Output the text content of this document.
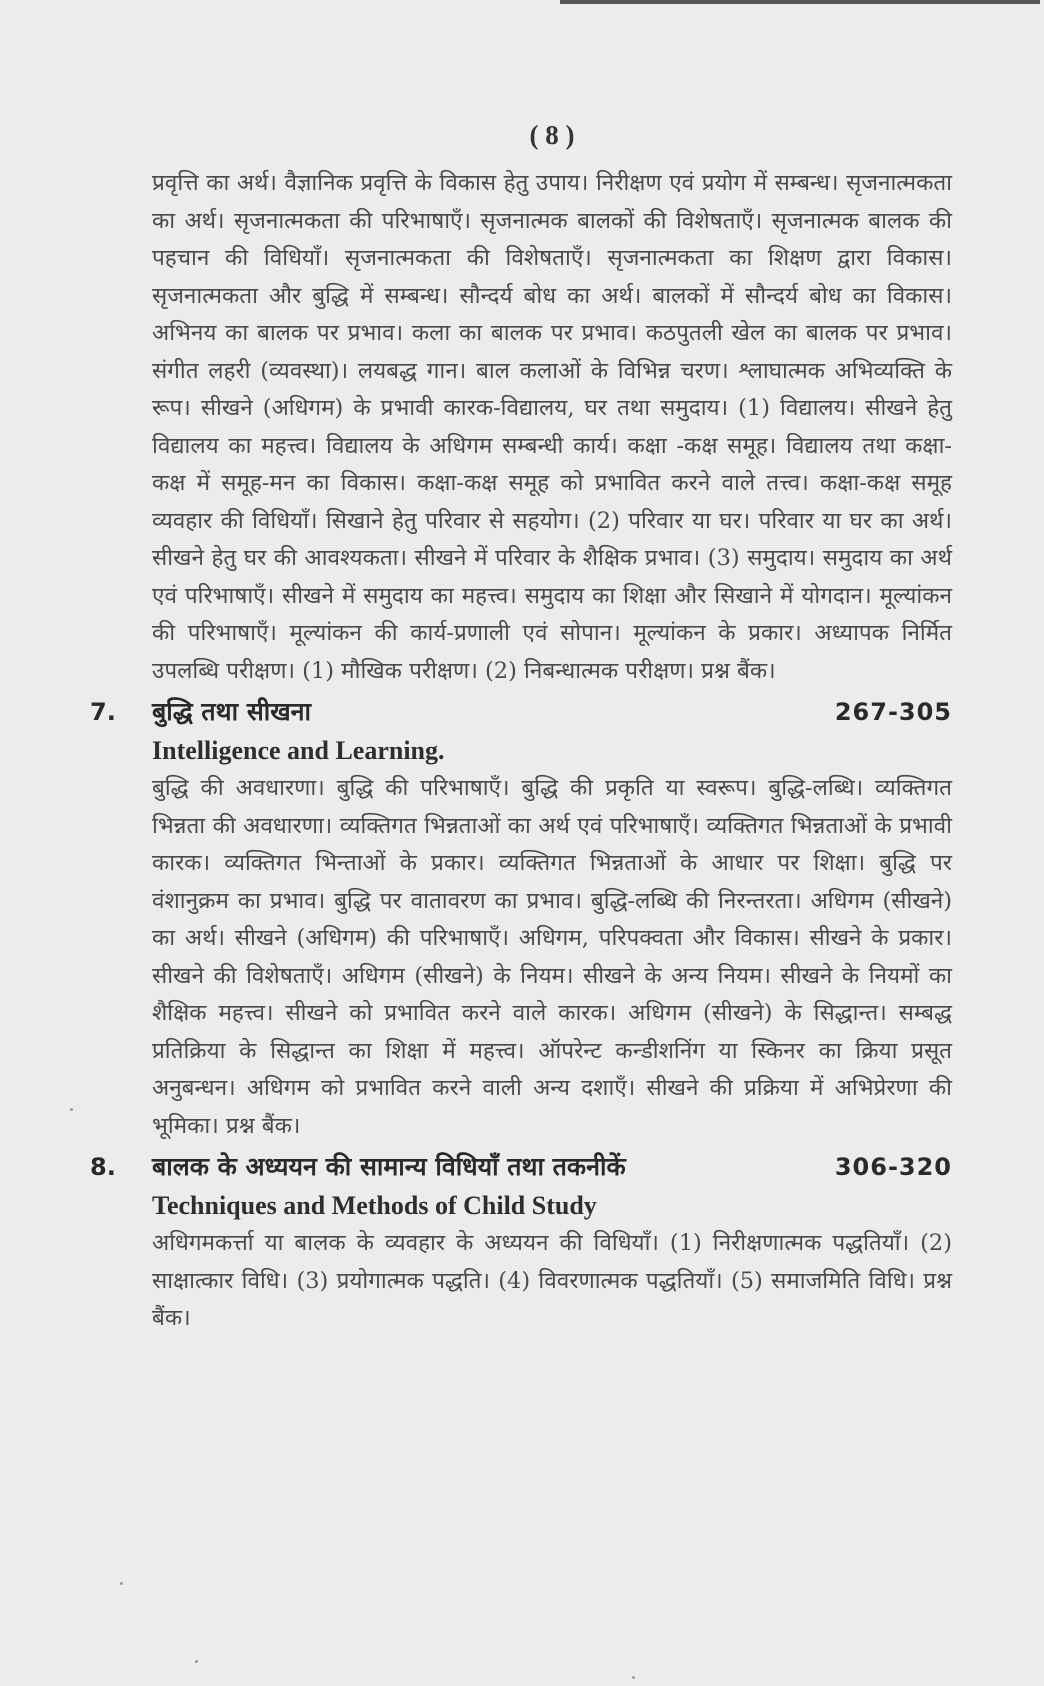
( 8 )

प्रवृत्ति का अर्थ। वैज्ञानिक प्रवृत्ति के विकास हेतु उपाय। निरीक्षण एवं प्रयोग में सम्बन्ध। सृजनात्मकता का अर्थ। सृजनात्मकता की परिभाषाएँ। सृजनात्मक बालकों की विशेषताएँ। सृजनात्मक बालक की पहचान की विधियाँ। सृजनात्मकता की विशेषताएँ। सृजनात्मकता का शिक्षण द्वारा विकास। सृजनात्मकता और बुद्धि में सम्बन्ध। सौन्दर्य बोध का अर्थ। बालकों में सौन्दर्य बोध का विकास। अभिनय का बालक पर प्रभाव। कला का बालक पर प्रभाव। कठपुतली खेल का बालक पर प्रभाव। संगीत लहरी (व्यवस्था)। लयबद्ध गान। बाल कलाओं के विभिन्न चरण। श्लाघात्मक अभिव्यक्ति के रूप। सीखने (अधिगम) के प्रभावी कारक-विद्यालय, घर तथा समुदाय। (1) विद्यालय। सीखने हेतु विद्यालय का महत्त्व। विद्यालय के अधिगम सम्बन्धी कार्य। कक्षा -कक्ष समूह। विद्यालय तथा कक्षा-कक्ष में समूह-मन का विकास। कक्षा-कक्ष समूह को प्रभावित करने वाले तत्त्व। कक्षा-कक्ष समूह व्यवहार की विधियाँ। सिखाने हेतु परिवार से सहयोग। (2) परिवार या घर। परिवार या घर का अर्थ। सीखने हेतु घर की आवश्यकता। सीखने में परिवार के शैक्षिक प्रभाव। (3) समुदाय। समुदाय का अर्थ एवं परिभाषाएँ। सीखने में समुदाय का महत्त्व। समुदाय का शिक्षा और सिखाने में योगदान। मूल्यांकन की परिभाषाएँ। मूल्यांकन की कार्य-प्रणाली एवं सोपान। मूल्यांकन के प्रकार। अध्यापक निर्मित उपलब्धि परीक्षण। (1) मौखिक परीक्षण। (2) निबन्धात्मक परीक्षण। प्रश्न बैंक।

7. बुद्धि तथा सीखना	267-305
Intelligence and Learning.

बुद्धि की अवधारणा। बुद्धि की परिभाषाएँ। बुद्धि की प्रकृति या स्वरूप। बुद्धि-लब्धि। व्यक्तिगत भिन्नता की अवधारणा। व्यक्तिगत भिन्नताओं का अर्थ एवं परिभाषाएँ। व्यक्तिगत भिन्नताओं के प्रभावी कारक। व्यक्तिगत भिन्ताओं के प्रकार। व्यक्तिगत भिन्नताओं के आधार पर शिक्षा। बुद्धि पर वंशानुक्रम का प्रभाव। बुद्धि पर वातावरण का प्रभाव। बुद्धि-लब्धि की निरन्तरता। अधिगम (सीखने) का अर्थ। सीखने (अधिगम) की परिभाषाएँ। अधिगम, परिपक्वता और विकास। सीखने के प्रकार। सीखने की विशेषताएँ। अधिगम (सीखने) के नियम। सीखने के अन्य नियम। सीखने के नियमों का शैक्षिक महत्त्व। सीखने को प्रभावित करने वाले कारक। अधिगम (सीखने) के सिद्धान्त। सम्बद्ध प्रतिक्रिया के सिद्धान्त का शिक्षा में महत्त्व। ऑपरेन्ट कन्डीशनिंग या स्किनर का क्रिया प्रसूत अनुबन्धन। अधिगम को प्रभावित करने वाली अन्य दशाएँ। सीखने की प्रक्रिया में अभिप्रेरणा की भूमिका। प्रश्न बैंक।

8. बालक के अध्ययन की सामान्य विधियाँ तथा तकनीकें	306-320
Techniques and Methods of Child Study

अधिगमकर्त्ता या बालक के व्यवहार के अध्ययन की विधियाँ। (1) निरीक्षणात्मक पद्धतियाँ। (2) साक्षात्कार विधि। (3) प्रयोगात्मक पद्धति। (4) विवरणात्मक पद्धतियाँ। (5) समाजमिति विधि। प्रश्न बैंक।
